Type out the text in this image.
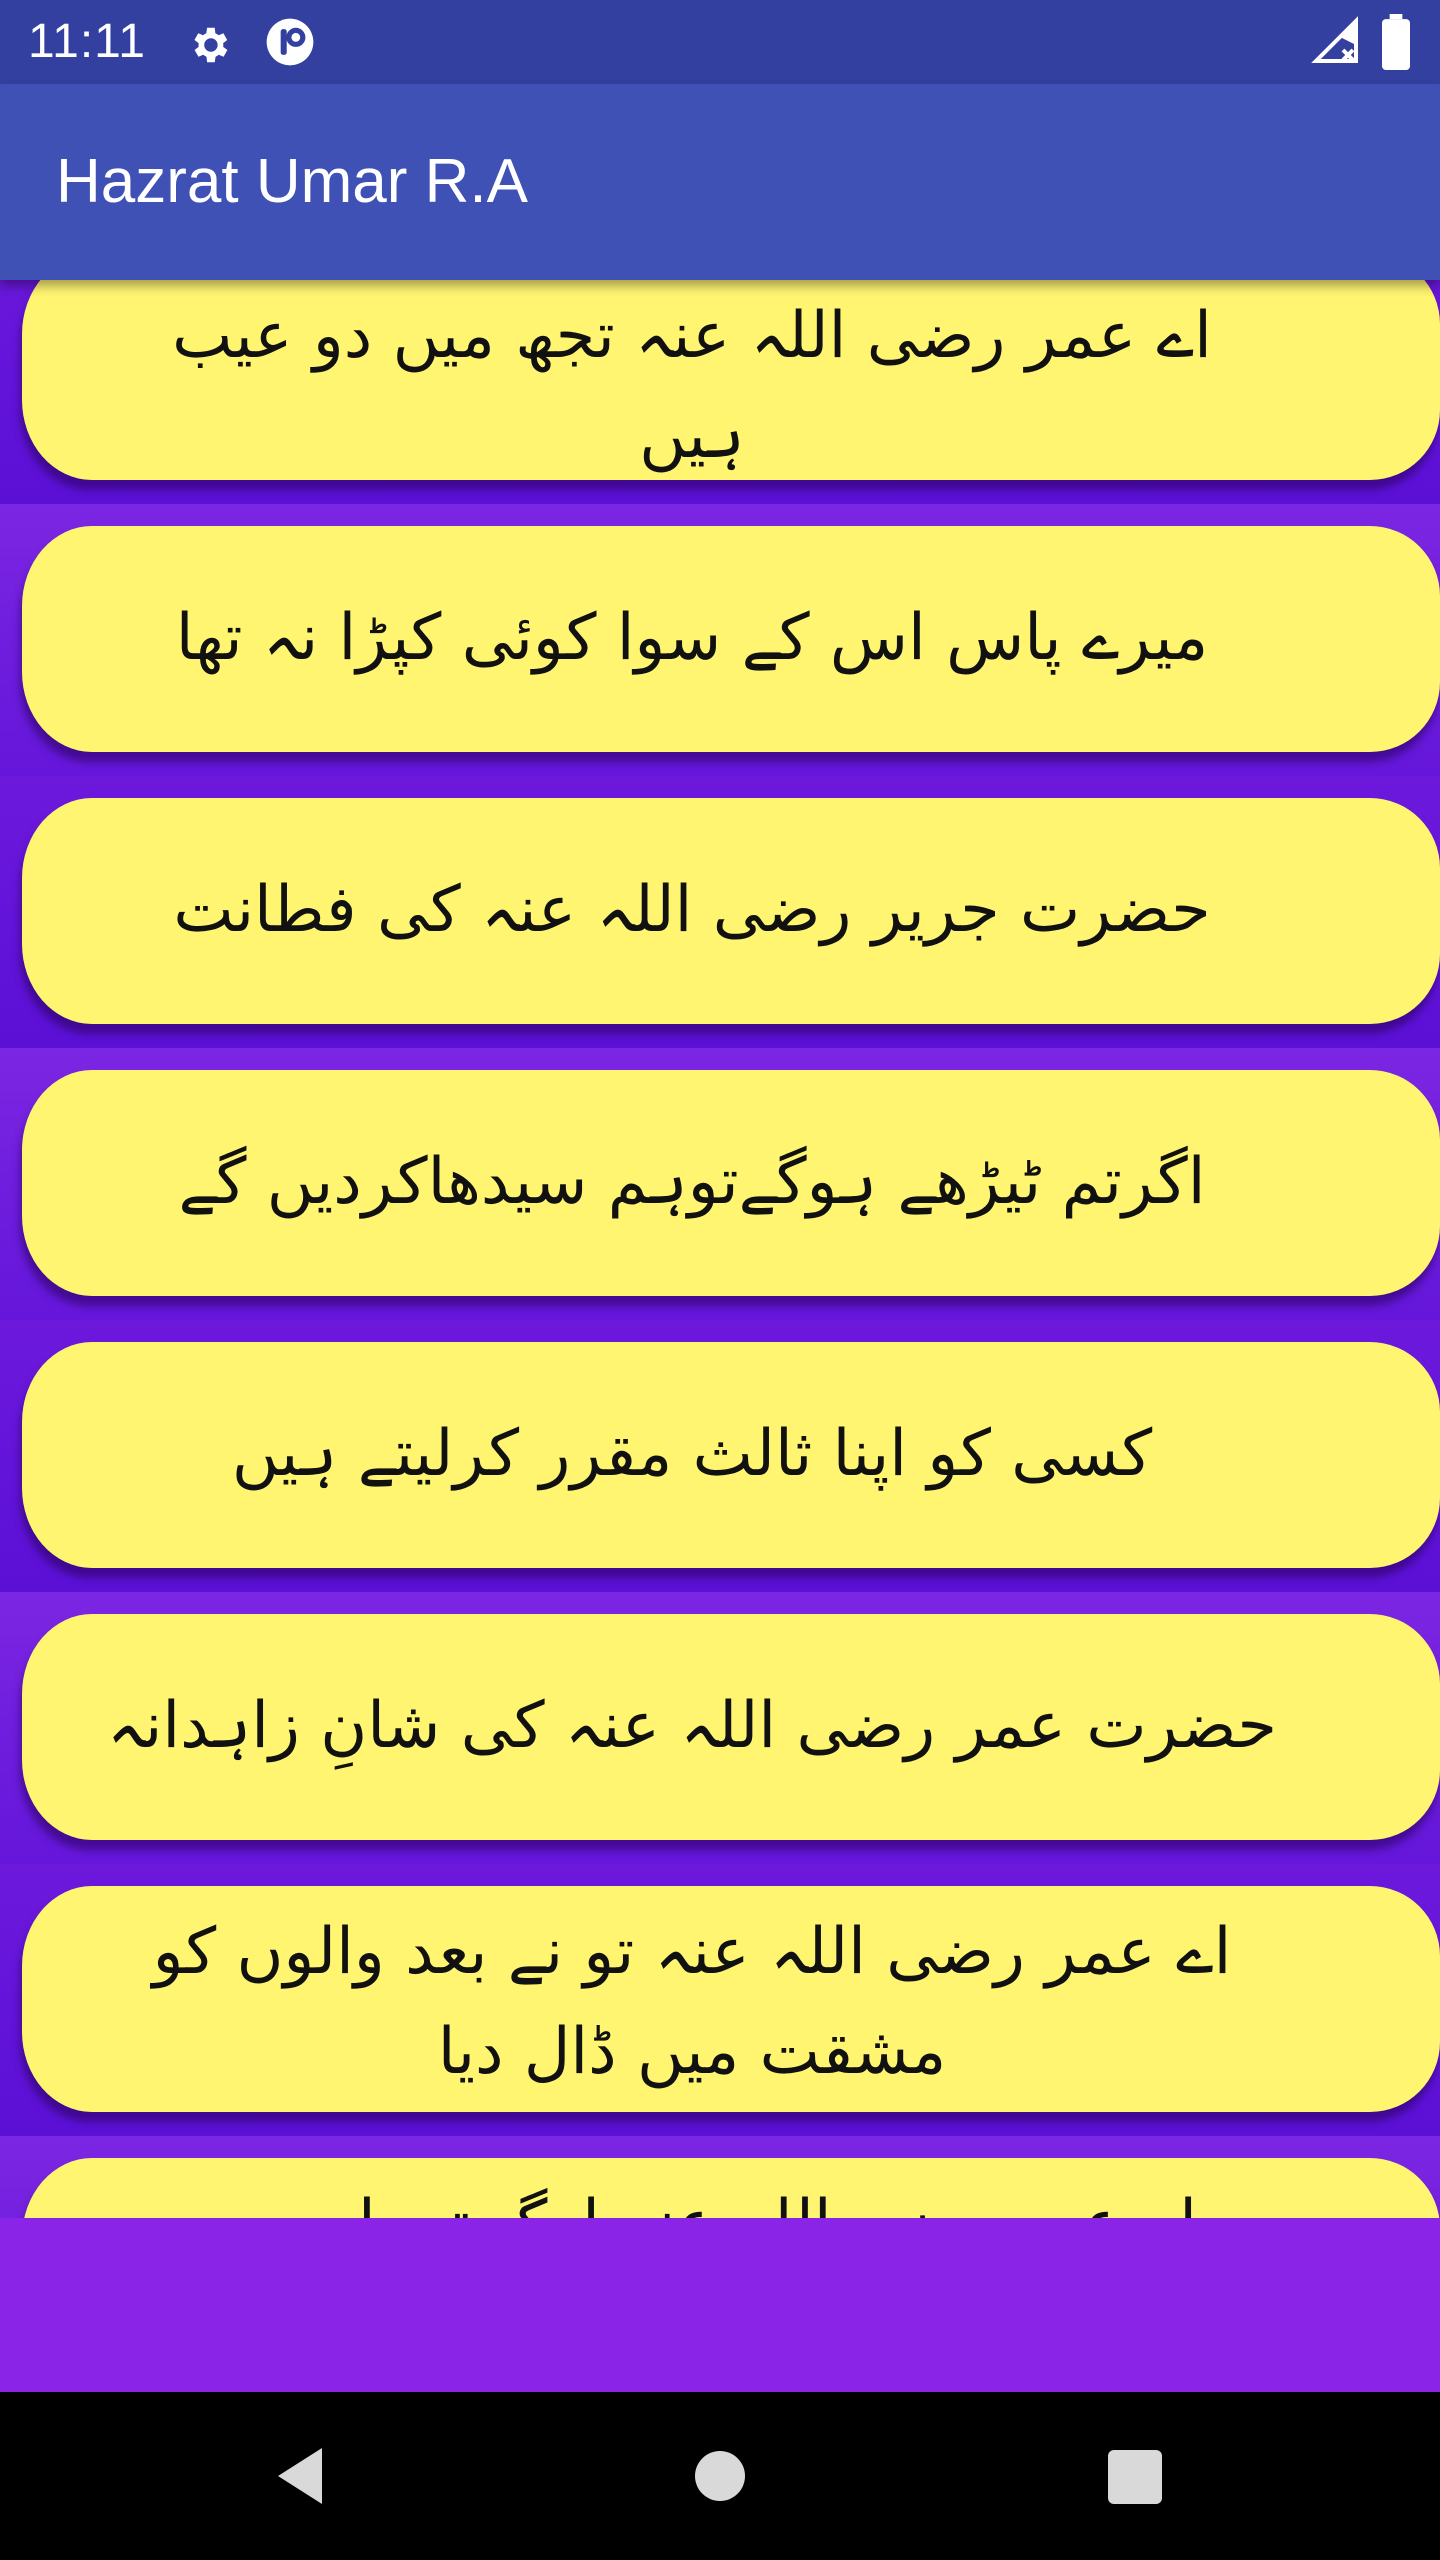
11:11
Hazrat Umar R.A
اے عمر رضی اللہ عنہ تجھ میں دو عیب
ہیں
میرے پاس اس کے سوا کوئی کپڑا نہ تھا
حضرت جریر رضی اللہ عنہ کی فطانت
اگرتم ٹیڑھے ہوگےتوہم سیدھاکردیں گے
کسی کو اپنا ثالث مقرر کرلیتے ہیں
حضرت عمر رضی اللہ عنہ کی شانِ زاہدانہ
اے عمر رضی اللہ عنہ تو نے بعد والوں کو
مشقت میں ڈال دیا
